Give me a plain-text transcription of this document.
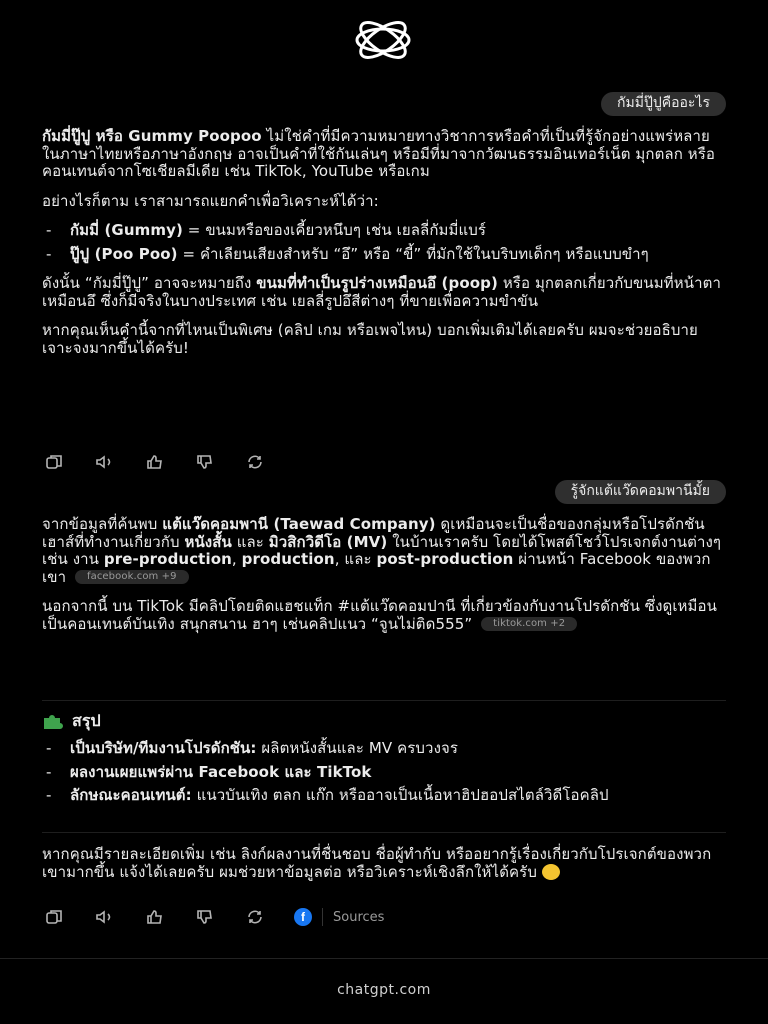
กัมมี่ปู๊ปูคืออะไร

กัมมี่ปู๊ปู หรือ Gummy Poopoo ไม่ใช่คำที่มีความหมายทางวิชาการหรือคำที่เป็นที่รู้จักอย่างแพร่หลายในภาษาไทยหรือภาษาอังกฤษ อาจเป็นคำที่ใช้กันเล่นๆ หรือมีที่มาจากวัฒนธรรมอินเทอร์เน็ต มุกตลก หรือคอนเทนต์จากโซเชียลมีเดีย เช่น TikTok, YouTube หรือเกม

อย่างไรก็ตาม เราสามารถแยกคำเพื่อวิเคราะห์ได้ว่า:

- กัมมี่ (Gummy) = ขนมหรือของเคี้ยวหนึบๆ เช่น เยลลี่กัมมี่แบร์
- ปู๊ปู (Poo Poo) = คำเลียนเสียงสำหรับ “อึ” หรือ “ขี้” ที่มักใช้ในบริบทเด็กๆ หรือแบบขำๆ

ดังนั้น “กัมมี่ปู๊ปู” อาจจะหมายถึง ขนมที่ทำเป็นรูปร่างเหมือนอึ (poop) หรือ มุกตลกเกี่ยวกับขนมที่หน้าตาเหมือนอึ ซึ่งก็มีจริงในบางประเทศ เช่น เยลลี่รูปอึสีต่างๆ ที่ขายเพื่อความขำขัน

หากคุณเห็นคำนี้จากที่ไหนเป็นพิเศษ (คลิป เกม หรือเพจไหน) บอกเพิ่มเติมได้เลยครับ ผมจะช่วยอธิบายเจาะจงมากขึ้นได้ครับ!

รู้จักแต้แว๊ดคอมพานีมั้ย

จากข้อมูลที่ค้นพบ แต้แว๊ดคอมพานี (Taewad Company) ดูเหมือนจะเป็นชื่อของกลุ่มหรือโปรดักชันเฮาส์ที่ทำงานเกี่ยวกับ หนังสั้น และ มิวสิกวิดีโอ (MV) ในบ้านเราครับ โดยได้โพสต์โชว์โปรเจกต์งานต่างๆ เช่น งาน pre-production, production, และ post-production ผ่านหน้า Facebook ของพวกเขา facebook.com +9

นอกจากนี้ บน TikTok มีคลิปโดยติดแฮชแท็ก #แต้แว๊ดคอมปานี ที่เกี่ยวข้องกับงานโปรดักชัน ซึ่งดูเหมือนเป็นคอนเทนต์บันเทิง สนุกสนาน ฮาๆ เช่นคลิปแนว “จูนไม่ติด555” tiktok.com +2

สรุป
- เป็นบริษัท/ทีมงานโปรดักชัน: ผลิตหนังสั้นและ MV ครบวงจร
- ผลงานเผยแพร่ผ่าน Facebook และ TikTok
- ลักษณะคอนเทนต์: แนวบันเทิง ตลก แก๊ก หรืออาจเป็นเนื้อหาฮิปฮอปสไตล์วิดีโอคลิป

หากคุณมีรายละเอียดเพิ่ม เช่น ลิงก์ผลงานที่ชื่นชอบ ชื่อผู้ทำกับ หรืออยากรู้เรื่องเกี่ยวกับโปรเจกต์ของพวกเขามากขึ้น แจ้งได้เลยครับ ผมช่วยหาข้อมูลต่อ หรือวิเคราะห์เชิงลึกให้ได้ครับ

f	Sources
chatgpt.com
